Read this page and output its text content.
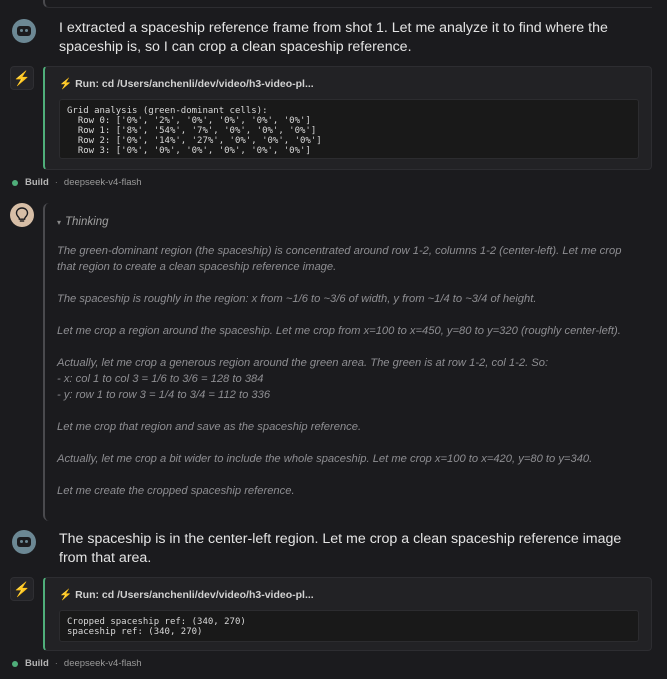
I extracted a spaceship reference frame from shot 1. Let me analyze it to find where the spaceship is, so I can crop a clean spaceship reference.
⚡	⚡ Run: cd /Users/anchenli/dev/video/h3-video-pl...
Grid analysis (green-dominant cells):
Row 0: ['0%', '2%', '0%', '0%', '0%', '0%']
Row 1: ['8%', '54%', '7%', '0%', '0%', '0%']
Row 2: ['0%', '14%', '27%', '0%', '0%', '0%']
Row 3: ['0%', '0%', '0%', '0%', '0%', '0%']
Build · deepseek-v4-flash
▾ Thinking

The green-dominant region (the spaceship) is concentrated around row 1-2, columns 1-2 (center-left). Let me crop that region to create a clean spaceship reference image.

The spaceship is roughly in the region: x from ~1/6 to ~3/6 of width, y from ~1/4 to ~3/4 of height.

Let me crop a region around the spaceship. Let me crop from x=100 to x=450, y=80 to y=320 (roughly center-left).

Actually, let me crop a generous region around the green area. The green is at row 1-2, col 1-2. So:

- x: col 1 to col 3 = 1/6 to 3/6 = 128 to 384

- y: row 1 to row 3 = 1/4 to 3/4 = 112 to 336

Let me crop that region and save as the spaceship reference.

Actually, let me crop a bit wider to include the whole spaceship. Let me crop x=100 to x=420, y=80 to y=340.

Let me create the cropped spaceship reference.

The spaceship is in the center-left region. Let me crop a clean spaceship reference image from that area.
⚡	⚡ Run: cd /Users/anchenli/dev/video/h3-video-pl...
Cropped spaceship ref: (340, 270)
spaceship ref: (340, 270)
Build · deepseek-v4-flash
